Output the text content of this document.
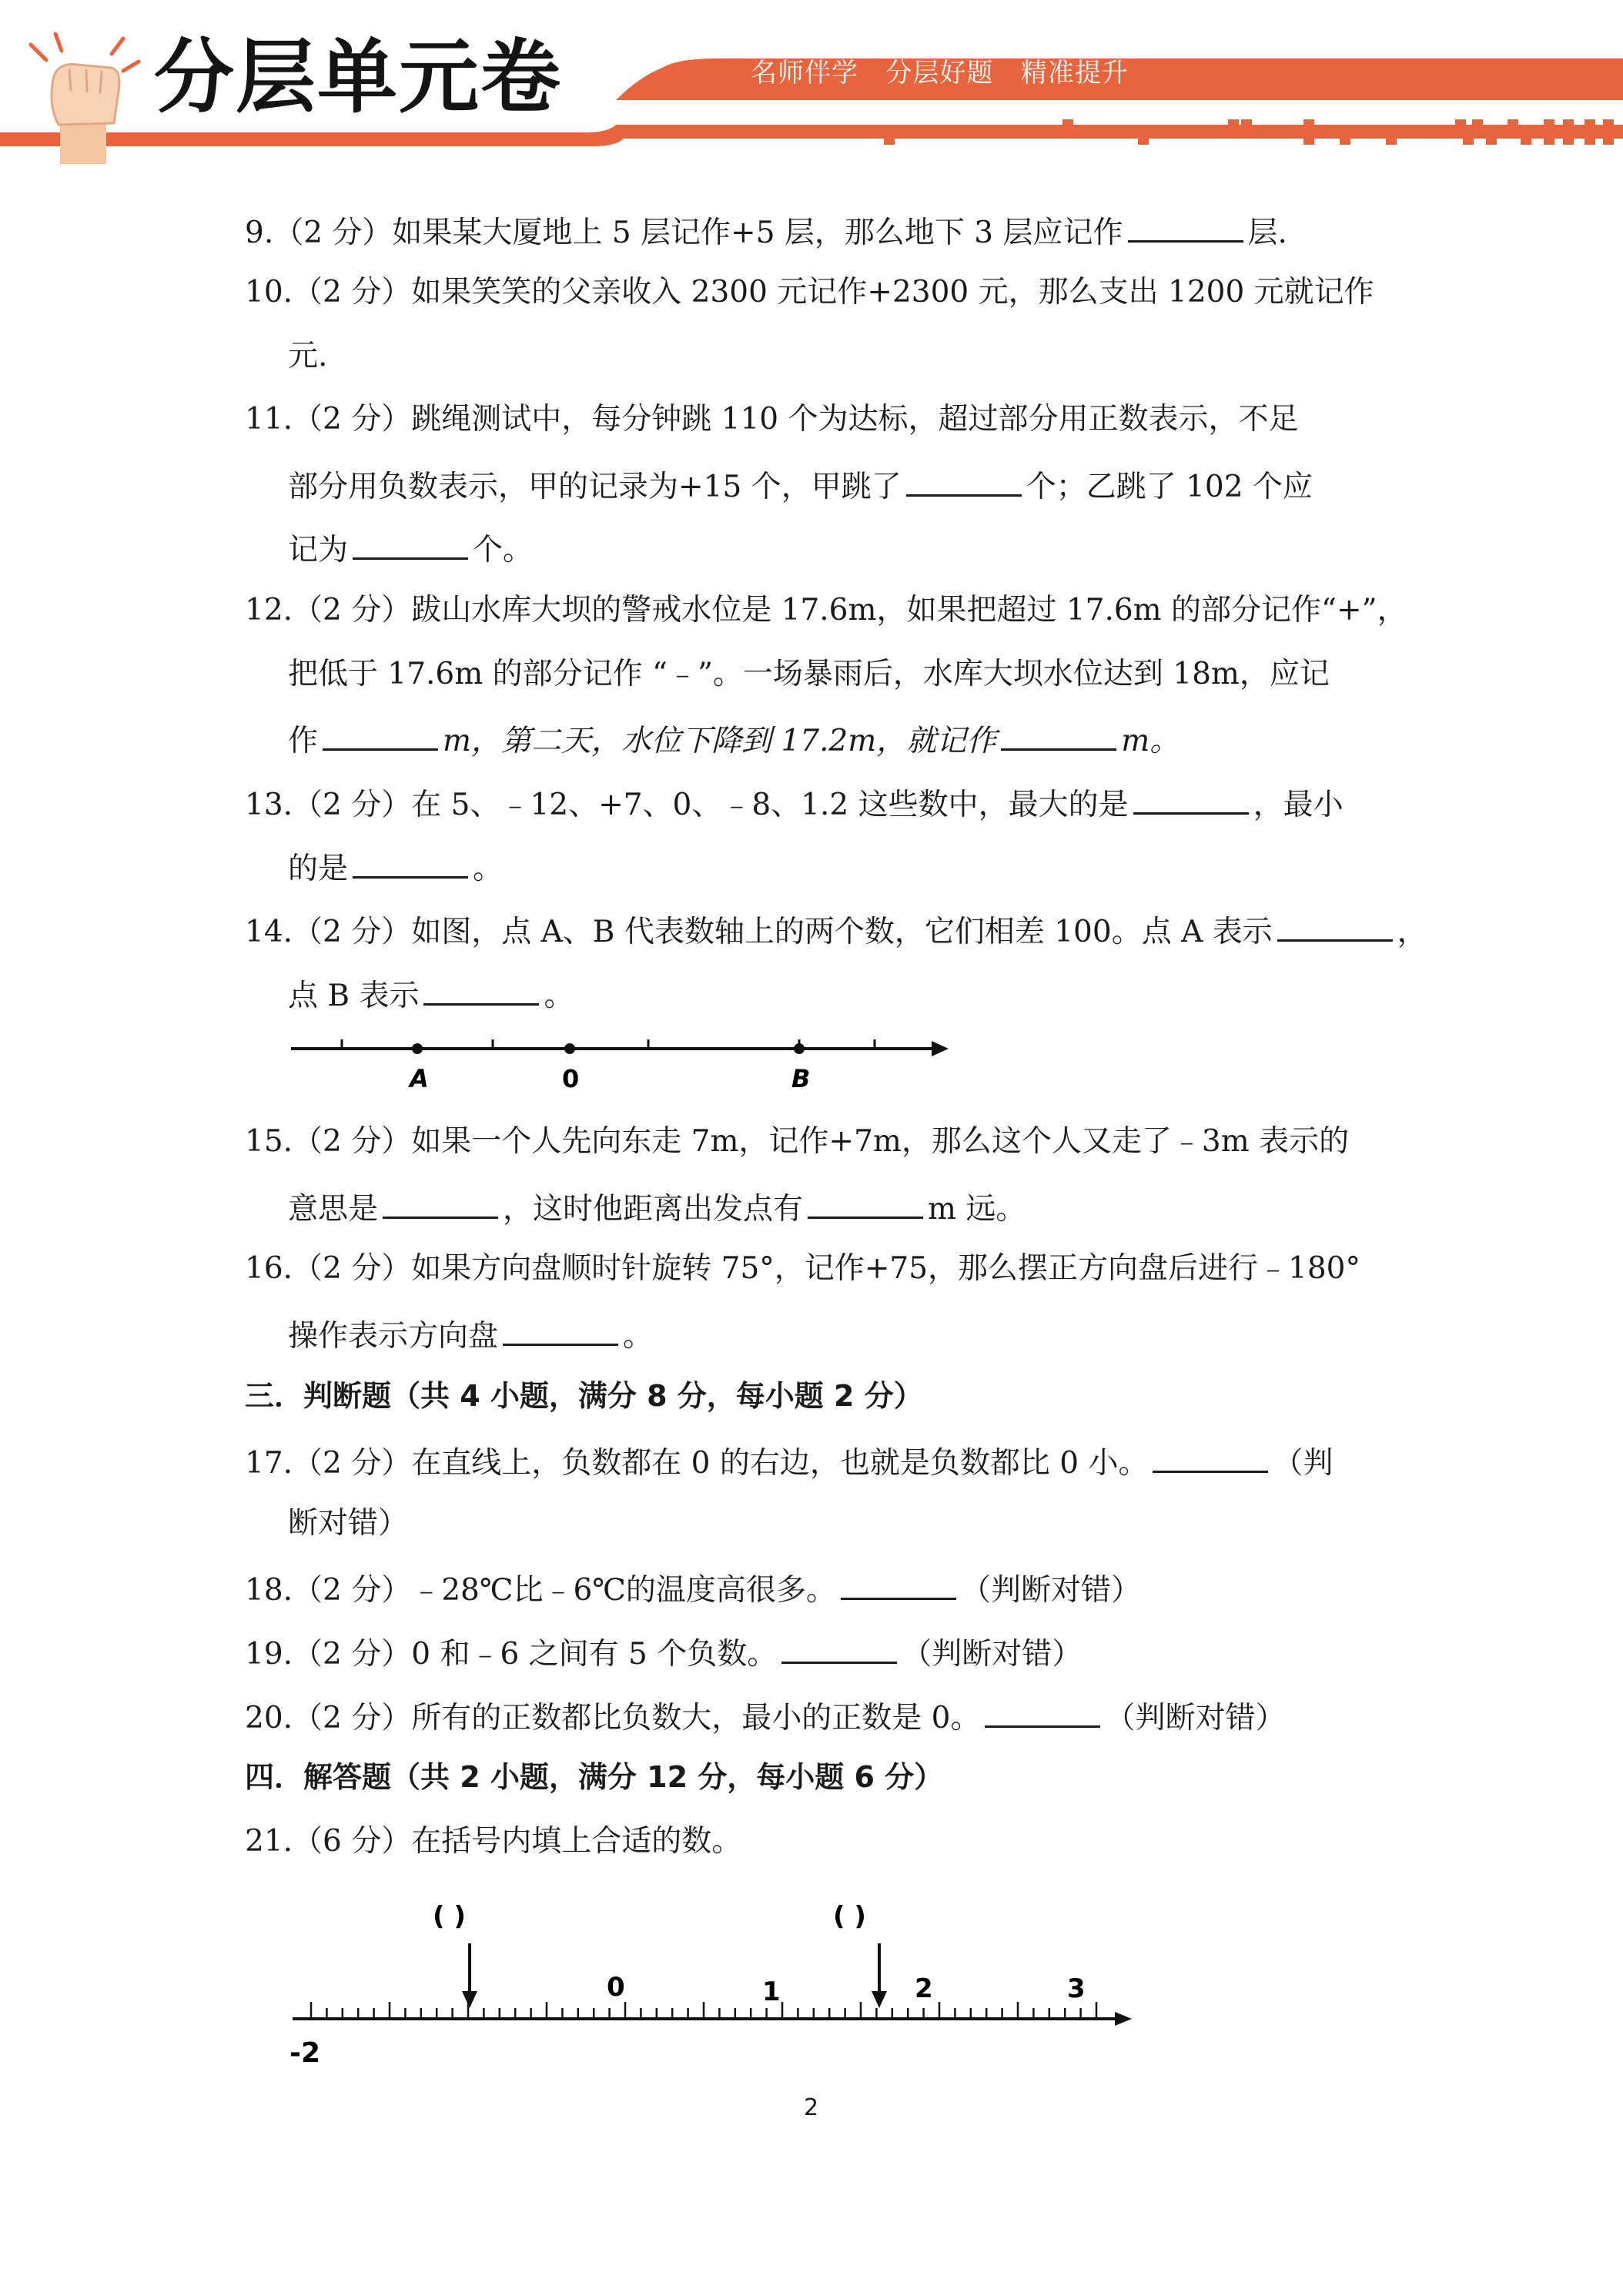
分层单元卷	名师伴学   分层好题   精准提升
9.（2 分）如果某大厦地上 5 层记作+5 层，那么地下 3 层应记作	层.
10.（2 分）如果笑笑的父亲收入 2300 元记作+2300 元，那么支出 1200 元就记作
元.
11.（2 分）跳绳测试中，每分钟跳 110 个为达标，超过部分用正数表示，不足
部分用负数表示，甲的记录为+15 个，甲跳了	个；乙跳了 102 个应
记为	个。
12.（2 分）跋山水库大坝的警戒水位是 17.6m，如果把超过 17.6m 的部分记作“+”，
把低于 17.6m 的部分记作 “﹣”。一场暴雨后，水库大坝水位达到 18m，应记
作	m，第二天，水位下降到 17.2m，就记作	m。
13.（2 分）在 5、﹣12、+7、0、﹣8、1.2 这些数中，最大的是	，最小
的是	。
14.（2 分）如图，点 A、B 代表数轴上的两个数，它们相差 100。点 A 表示	，
点 B 表示	。
A	0	B
15.（2 分）如果一个人先向东走 7m，记作+7m，那么这个人又走了﹣3m 表示的
意思是	，这时他距离出发点有	m 远。
16.（2 分）如果方向盘顺时针旋转 75°，记作+75，那么摆正方向盘后进行﹣180°
操作表示方向盘	。
三．判断题（共 4 小题，满分 8 分，每小题 2 分）
17.（2 分）在直线上，负数都在 0 的右边，也就是负数都比 0 小。	（判
断对错）
18.（2 分）﹣28℃比﹣6℃的温度高很多。	（判断对错）
19.（2 分）0 和﹣6 之间有 5 个负数。	（判断对错）
20.（2 分）所有的正数都比负数大，最小的正数是 0。	（判断对错）
四．解答题（共 2 小题，满分 12 分，每小题 6 分）
21.（6 分）在括号内填上合适的数。
( )	( )
0	1	2	3
-2
2
